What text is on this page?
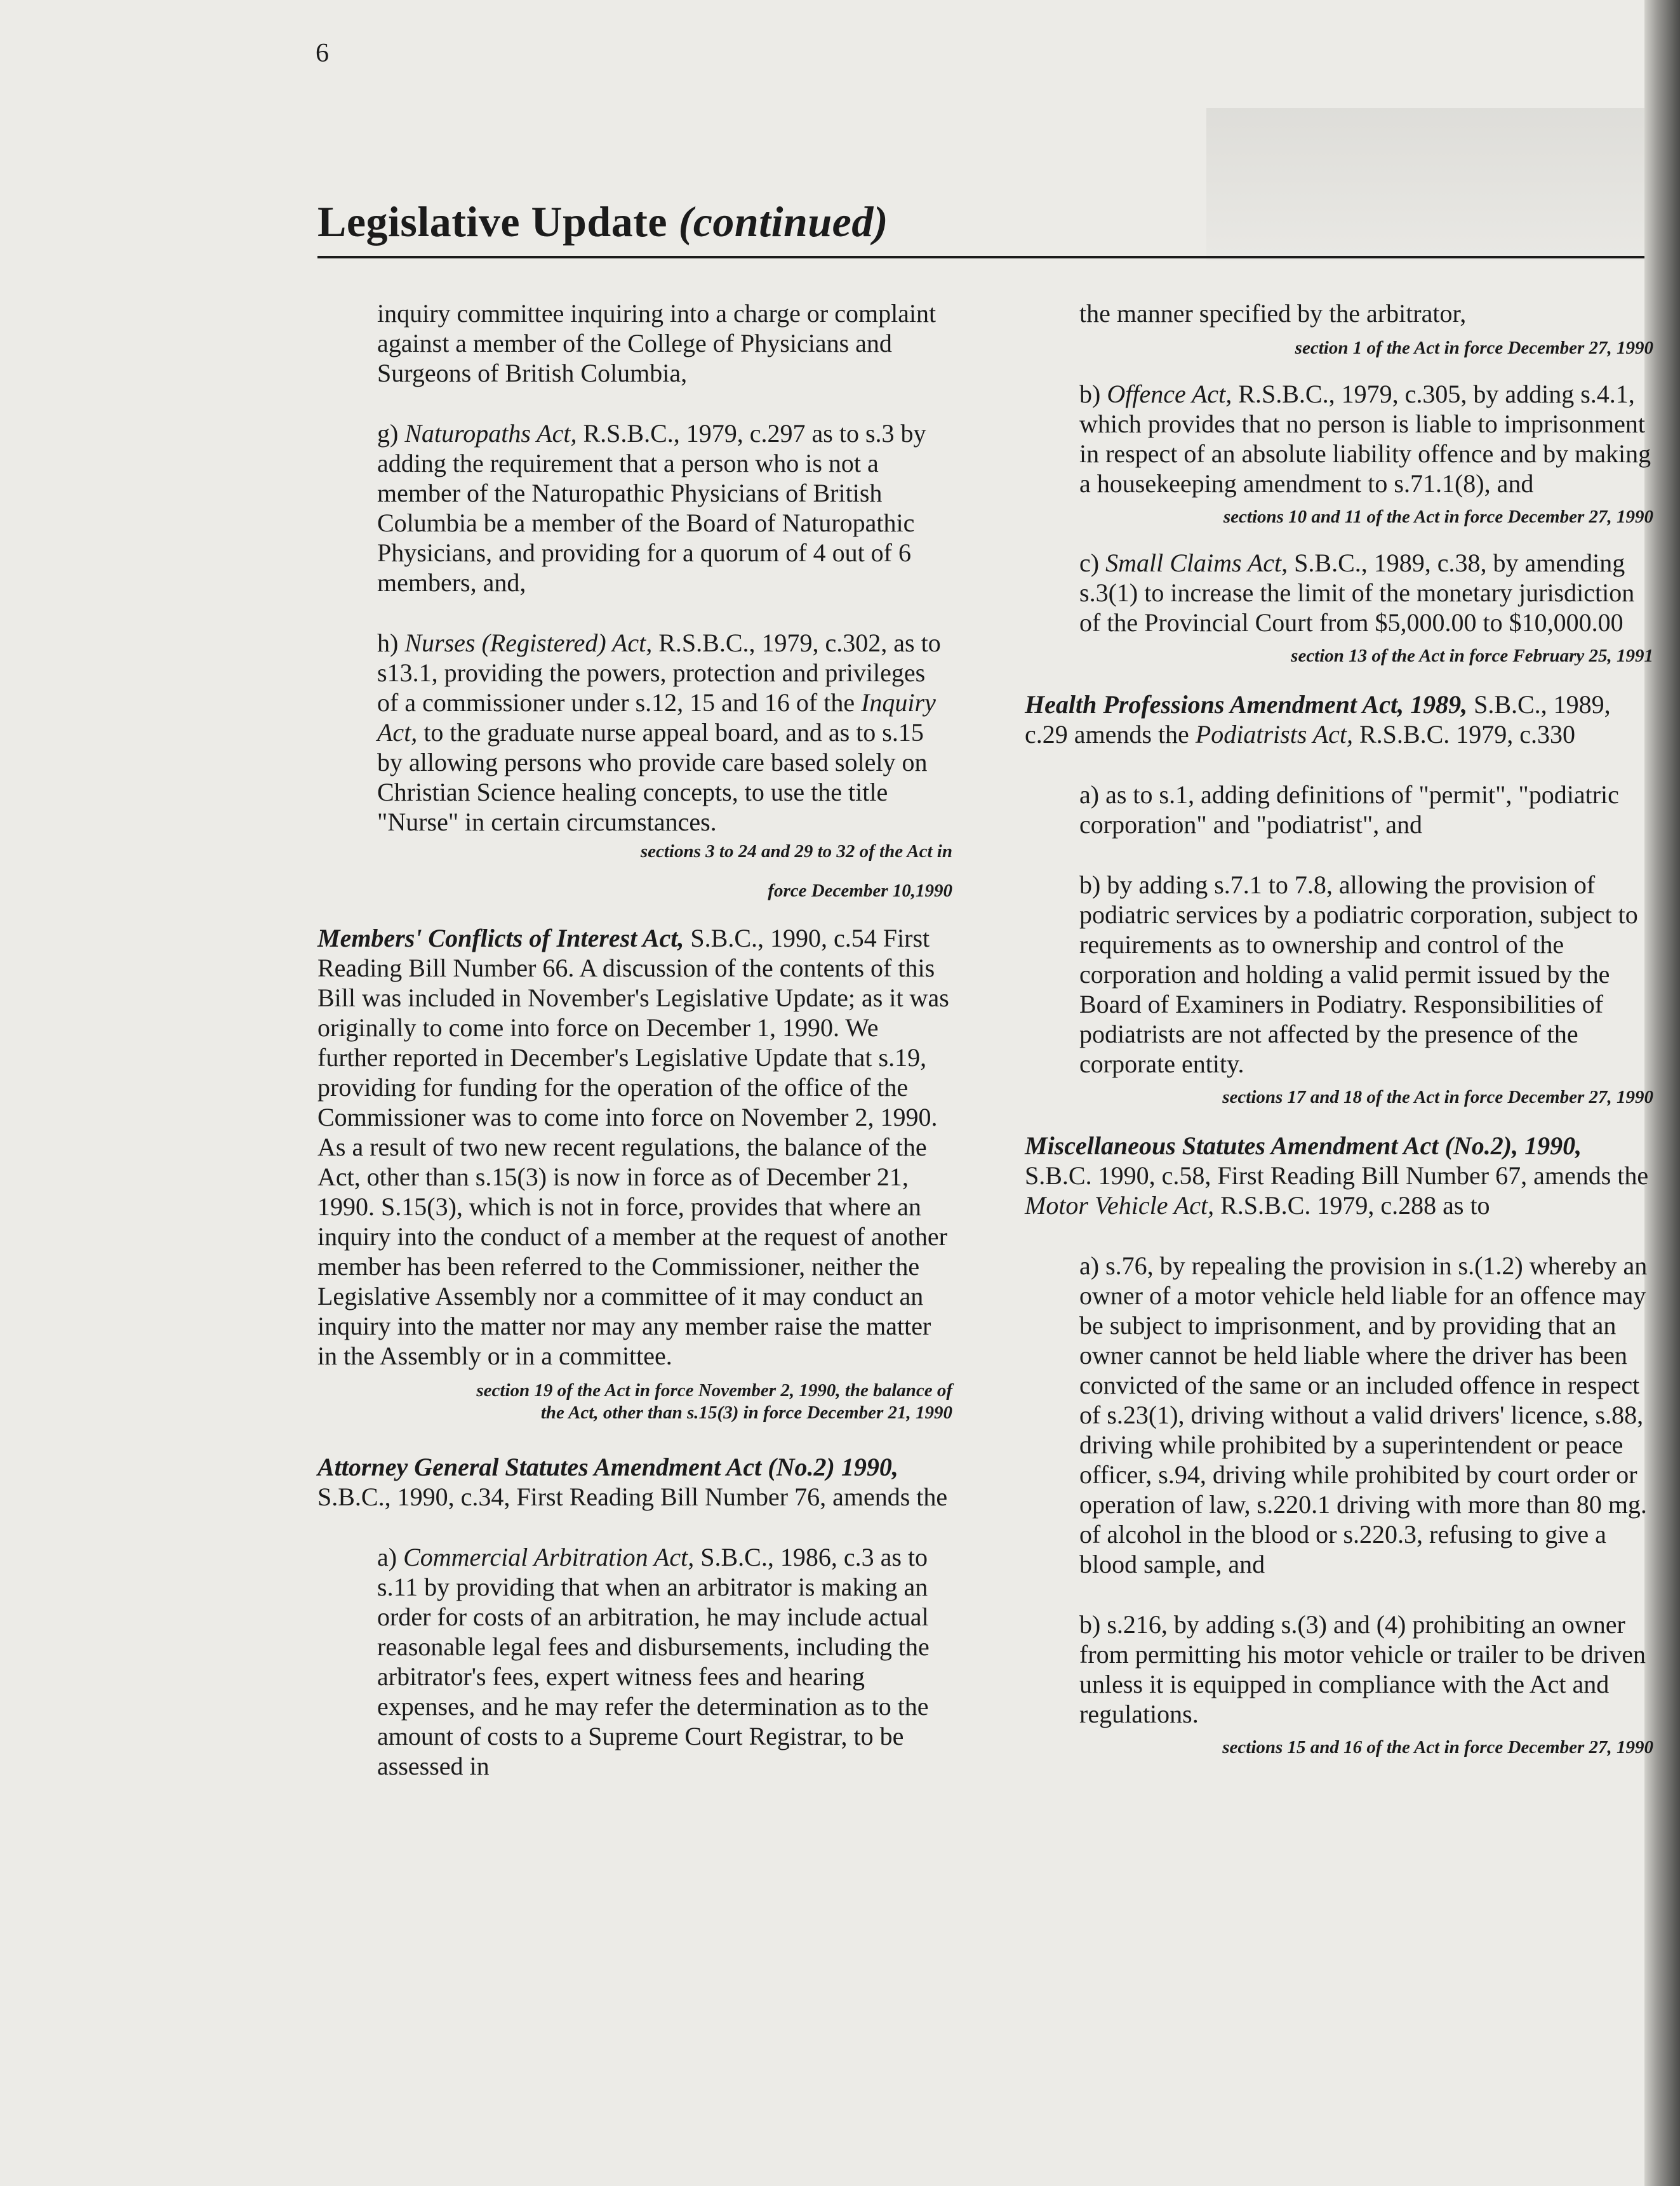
6
Legislative Update (continued)
inquiry committee inquiring into a charge or complaint against a member of the College of Physicians and Surgeons of British Columbia,
g) Naturopaths Act, R.S.B.C., 1979, c.297 as to s.3 by adding the requirement that a person who is not a member of the Naturopathic Physicians of British Columbia be a member of the Board of Naturopathic Physicians, and providing for a quorum of 4 out of 6 members, and,
h) Nurses (Registered) Act, R.S.B.C., 1979, c.302, as to s13.1, providing the powers, protection and privileges of a commissioner under s.12, 15 and 16 of the Inquiry Act, to the graduate nurse appeal board, and as to s.15 by allowing persons who provide care based solely on Christian Science healing concepts, to use the title "Nurse" in certain circumstances.
sections 3 to 24 and 29 to 32 of the Act in
force December 10,1990
Members' Conflicts of Interest Act, S.B.C., 1990, c.54 First Reading Bill Number 66. A discussion of the contents of this Bill was included in November's Legislative Update; as it was originally to come into force on December 1, 1990. We further reported in December's Legislative Update that s.19, providing for funding for the operation of the office of the Commissioner was to come into force on November 2, 1990. As a result of two new recent regulations, the balance of the Act, other than s.15(3) is now in force as of December 21, 1990. S.15(3), which is not in force, provides that where an inquiry into the conduct of a member at the request of another member has been referred to the Commissioner, neither the Legislative Assembly nor a committee of it may conduct an inquiry into the matter nor may any member raise the matter in the Assembly or in a committee.
section 19 of the Act in force November 2, 1990, the balance of
the Act, other than s.15(3) in force December 21, 1990
Attorney General Statutes Amendment Act (No.2) 1990, S.B.C., 1990, c.34, First Reading Bill Number 76, amends the
a) Commercial Arbitration Act, S.B.C., 1986, c.3 as to s.11 by providing that when an arbitrator is making an order for costs of an arbitration, he may include actual reasonable legal fees and disbursements, including the arbitrator's fees, expert witness fees and hearing expenses, and he may refer the determination as to the amount of costs to a Supreme Court Registrar, to be assessed in
the manner specified by the arbitrator,
section 1 of the Act in force December 27, 1990
b) Offence Act, R.S.B.C., 1979, c.305, by adding s.4.1, which provides that no person is liable to imprisonment in respect of an absolute liability offence and by making a housekeeping amendment to s.71.1(8), and
sections 10 and 11 of the Act in force December 27, 1990
c) Small Claims Act, S.B.C., 1989, c.38, by amending s.3(1) to increase the limit of the monetary jurisdiction of the Provincial Court from $5,000.00 to $10,000.00
section 13 of the Act in force February 25, 1991
Health Professions Amendment Act, 1989, S.B.C., 1989, c.29 amends the Podiatrists Act, R.S.B.C. 1979, c.330
a) as to s.1, adding definitions of "permit", "podiatric corporation" and "podiatrist", and
b) by adding s.7.1 to 7.8, allowing the provision of podiatric services by a podiatric corporation, subject to requirements as to ownership and control of the corporation and holding a valid permit issued by the Board of Examiners in Podiatry. Responsibilities of podiatrists are not affected by the presence of the corporate entity.
sections 17 and 18 of the Act in force December 27, 1990
Miscellaneous Statutes Amendment Act (No.2), 1990, S.B.C. 1990, c.58, First Reading Bill Number 67, amends the Motor Vehicle Act, R.S.B.C. 1979, c.288 as to
a) s.76, by repealing the provision in s.(1.2) whereby an owner of a motor vehicle held liable for an offence may be subject to imprisonment, and by providing that an owner cannot be held liable where the driver has been convicted of the same or an included offence in respect of s.23(1), driving without a valid drivers' licence, s.88, driving while prohibited by a superintendent or peace officer, s.94, driving while prohibited by court order or operation of law, s.220.1 driving with more than 80 mg. of alcohol in the blood or s.220.3, refusing to give a blood sample, and
b) s.216, by adding s.(3) and (4) prohibiting an owner from permitting his motor vehicle or trailer to be driven unless it is equipped in compliance with the Act and regulations.
sections 15 and 16 of the Act in force December 27, 1990
